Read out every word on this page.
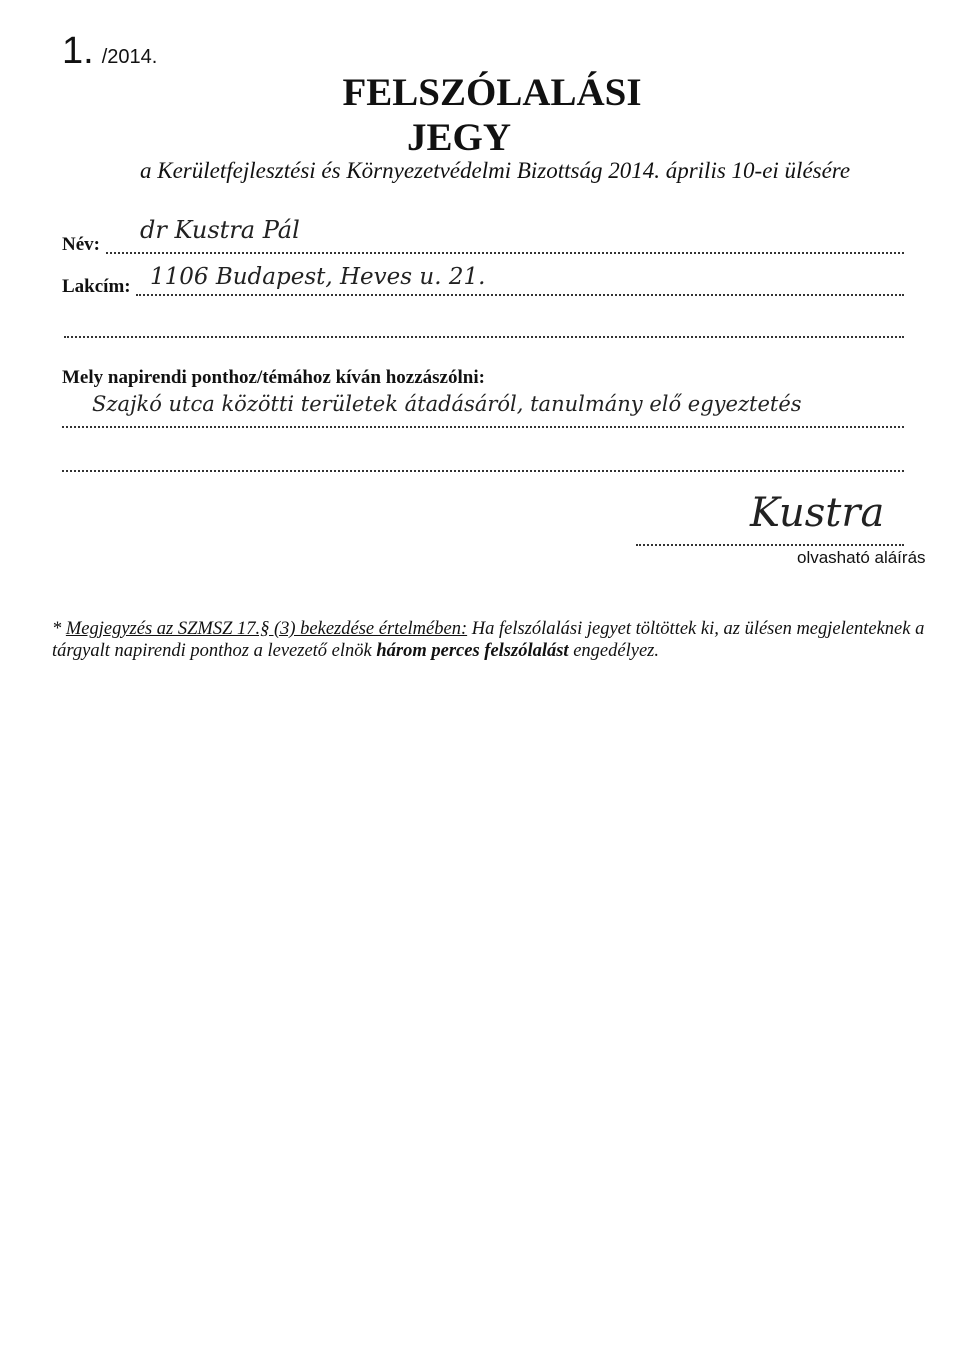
1. /2014.
FELSZÓLALÁSI
JEGY
a Kerületfejlesztési és Környezetvédelmi Bizottság 2014. április 10-ei ülésére
Név:
dr Kustra Pál
Lakcím: 1106 Budapest, Heves u. 21.
Mely napirendi ponthoz/témához kíván hozzászólni:
Szajkó utca közötti területek átadásáról, tanulmány elő egyeztetés
Kustra
olvasható aláírás
* Megjegyzés az SZMSZ 17.§ (3) bekezdése értelmében: Ha felszólalási jegyet töltöttek ki, az ülésen megjelenteknek a tárgyalt napirendi ponthoz a levezető elnök három perces felszólalást engedélyez.
